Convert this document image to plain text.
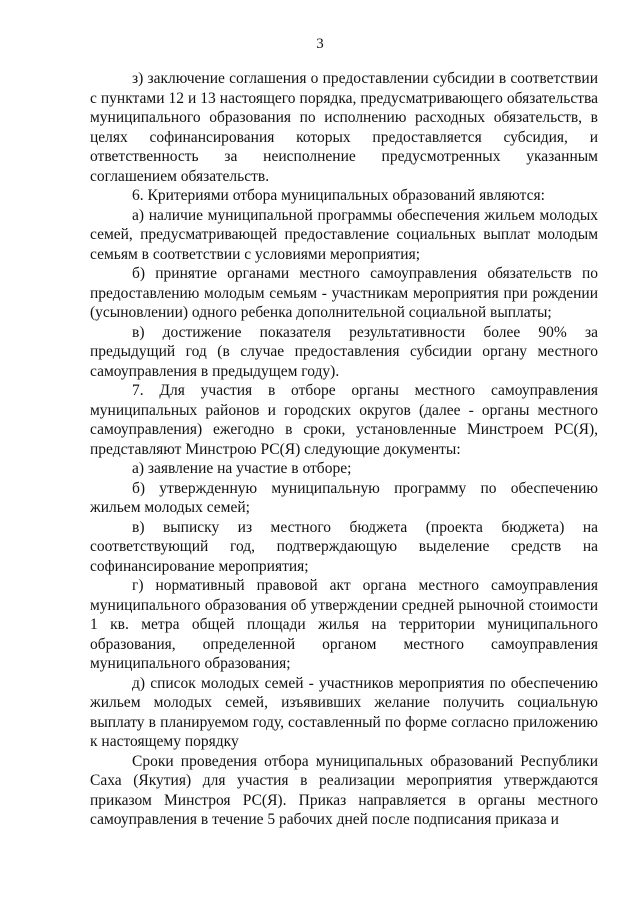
3

з) заключение соглашения о предоставлении субсидии в соответствии с пунктами 12 и 13 настоящего порядка, предусматривающего обязательства муниципального образования по исполнению расходных обязательств, в целях софинансирования которых предоставляется субсидия, и ответственность за неисполнение предусмотренных указанным соглашением обязательств.

6. Критериями отбора муниципальных образований являются:

а) наличие муниципальной программы обеспечения жильем молодых семей, предусматривающей предоставление социальных выплат молодым семьям в соответствии с условиями мероприятия;

б) принятие органами местного самоуправления обязательств по предоставлению молодым семьям - участникам мероприятия при рождении (усыновлении) одного ребенка дополнительной социальной выплаты;

в) достижение показателя результативности более 90% за предыдущий год (в случае предоставления субсидии органу местного самоуправления в предыдущем году).

7. Для участия в отборе органы местного самоуправления муниципальных районов и городских округов (далее - органы местного самоуправления) ежегодно в сроки, установленные Минстроем РС(Я), представляют Минстрою РС(Я) следующие документы:

а) заявление на участие в отборе;

б) утвержденную муниципальную программу по обеспечению жильем молодых семей;

в) выписку из местного бюджета (проекта бюджета) на соответствующий год, подтверждающую выделение средств на софинансирование мероприятия;

г) нормативный правовой акт органа местного самоуправления муниципального образования об утверждении средней рыночной стоимости 1 кв. метра общей площади жилья на территории муниципального образования, определенной органом местного самоуправления муниципального образования;

д) список молодых семей - участников мероприятия по обеспечению жильем молодых семей, изъявивших желание получить социальную выплату в планируемом году, составленный по форме согласно приложению к настоящему порядку

Сроки проведения отбора муниципальных образований Республики Саха (Якутия) для участия в реализации мероприятия утверждаются приказом Минстроя РС(Я). Приказ направляется в органы местного самоуправления в течение 5 рабочих дней после подписания приказа и
